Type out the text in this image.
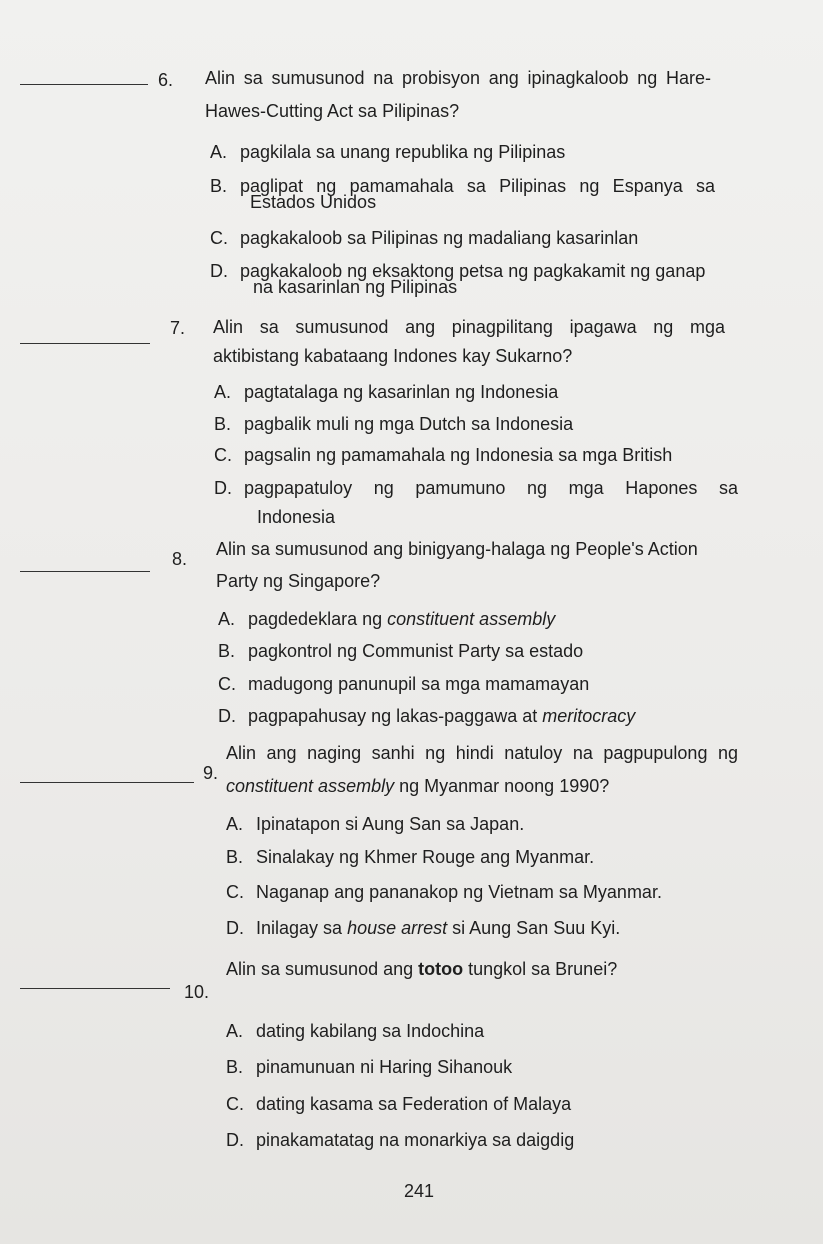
6. Alin sa sumusunod na probisyon ang ipinagkaloob ng Hare-
Hawes-Cutting Act sa Pilipinas?
A. pagkilala sa unang republika ng Pilipinas
B. paglipat ng pamamahala sa Pilipinas ng Espanya sa
Estados Unidos
C. pagkakaloob sa Pilipinas ng madaliang kasarinlan
D. pagkakaloob ng eksaktong petsa ng pagkakamit ng ganap
na kasarinlan ng Pilipinas
7. Alin sa sumusunod ang pinagpilitang ipagawa ng mga
aktibistang kabataang Indones kay Sukarno?
A. pagtatalaga ng kasarinlan ng Indonesia
B. pagbalik muli ng mga Dutch sa Indonesia
C. pagsalin ng pamamahala ng Indonesia sa mga British
D. pagpapatuloy ng pamumuno ng mga Hapones sa
Indonesia
8. Alin sa sumusunod ang binigyang-halaga ng People's Action
Party ng Singapore?
A. pagdedeklara ng constituent assembly
B. pagkontrol ng Communist Party sa estado
C. madugong panunupil sa mga mamamayan
D. pagpapahusay ng lakas-paggawa at meritocracy
9.
Alin ang naging sanhi ng hindi natuloy na pagpupulong ng
constituent assembly ng Myanmar noong 1990?
A. Ipinatapon si Aung San sa Japan.
B. Sinalakay ng Khmer Rouge ang Myanmar.
C. Naganap ang pananakop ng Vietnam sa Myanmar.
D. Inilagay sa house arrest si Aung San Suu Kyi.
10.
Alin sa sumusunod ang totoo tungkol sa Brunei?
A. dating kabilang sa Indochina
B. pinamunuan ni Haring Sihanouk
C. dating kasama sa Federation of Malaya
D. pinakamatatag na monarkiya sa daigdig
241
